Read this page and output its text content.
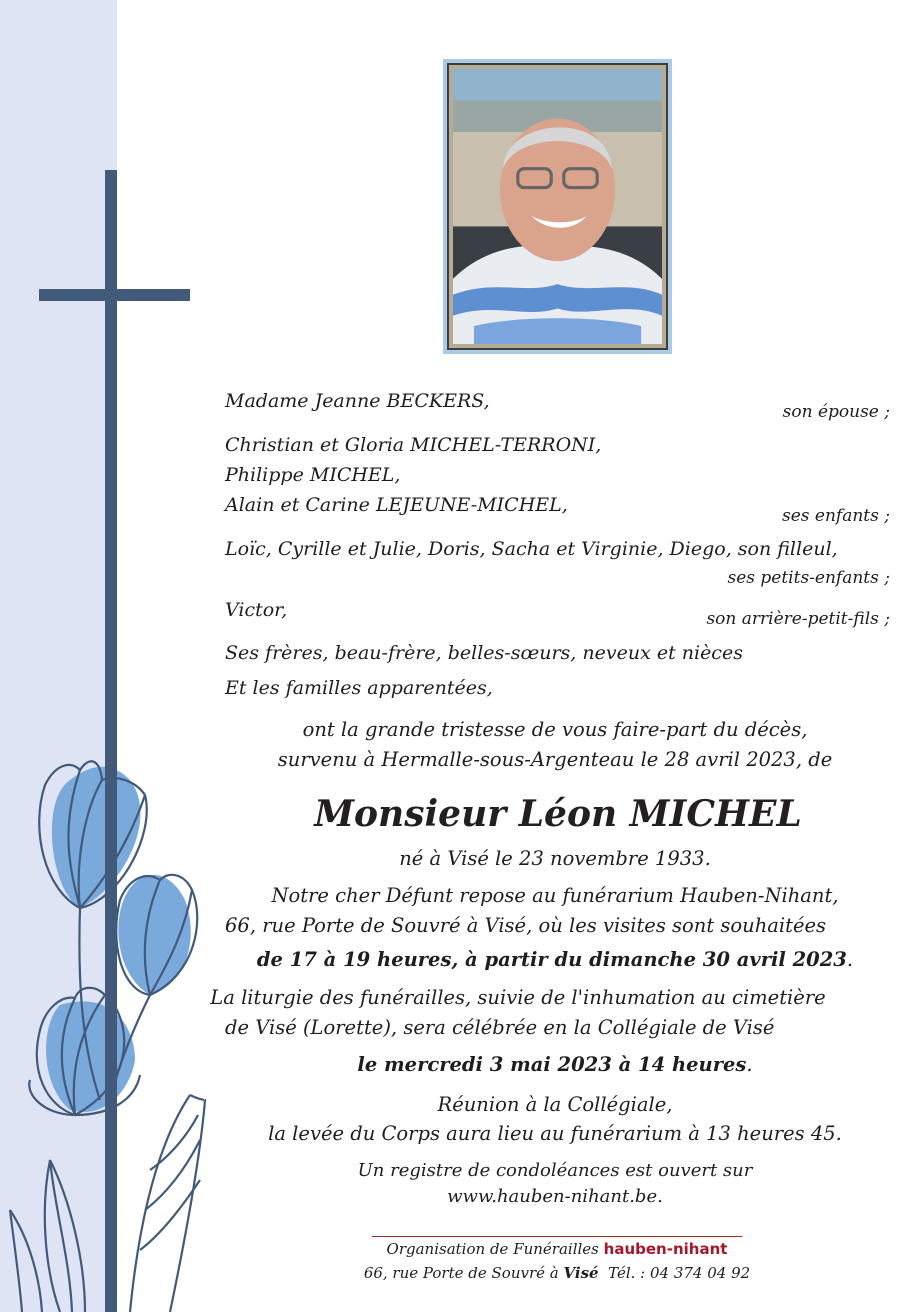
Madame Jeanne BECKERS,	son épouse ;
Christian et Gloria MICHEL-TERRONI,
Philippe MICHEL,
Alain et Carine LEJEUNE-MICHEL,	ses enfants ;
Loïc, Cyrille et Julie, Doris, Sacha et Virginie, Diego, son filleul,
ses petits-enfants ;
Victor,	son arrière-petit-fils ;
Ses frères, beau-frère, belles-sœurs, neveux et nièces
Et les familles apparentées,
ont la grande tristesse de vous faire-part du décès,
survenu à Hermalle-sous-Argenteau le 28 avril 2023, de
Monsieur Léon MICHEL
né à Visé le 23 novembre 1933.
Notre cher Défunt repose au funérarium Hauben-Nihant,
66, rue Porte de Souvré à Visé, où les visites sont souhaitées
de 17 à 19 heures, à partir du dimanche 30 avril 2023.
La liturgie des funérailles, suivie de l'inhumation au cimetière
de Visé (Lorette), sera célébrée en la Collégiale de Visé
le mercredi 3 mai 2023 à 14 heures.
Réunion à la Collégiale,
la levée du Corps aura lieu au funérarium à 13 heures 45.
Un registre de condoléances est ouvert sur
www.hauben-nihant.be.
Organisation de Funérailles hauben-nihant
66, rue Porte de Souvré à Visé Tél. : 04 374 04 92
